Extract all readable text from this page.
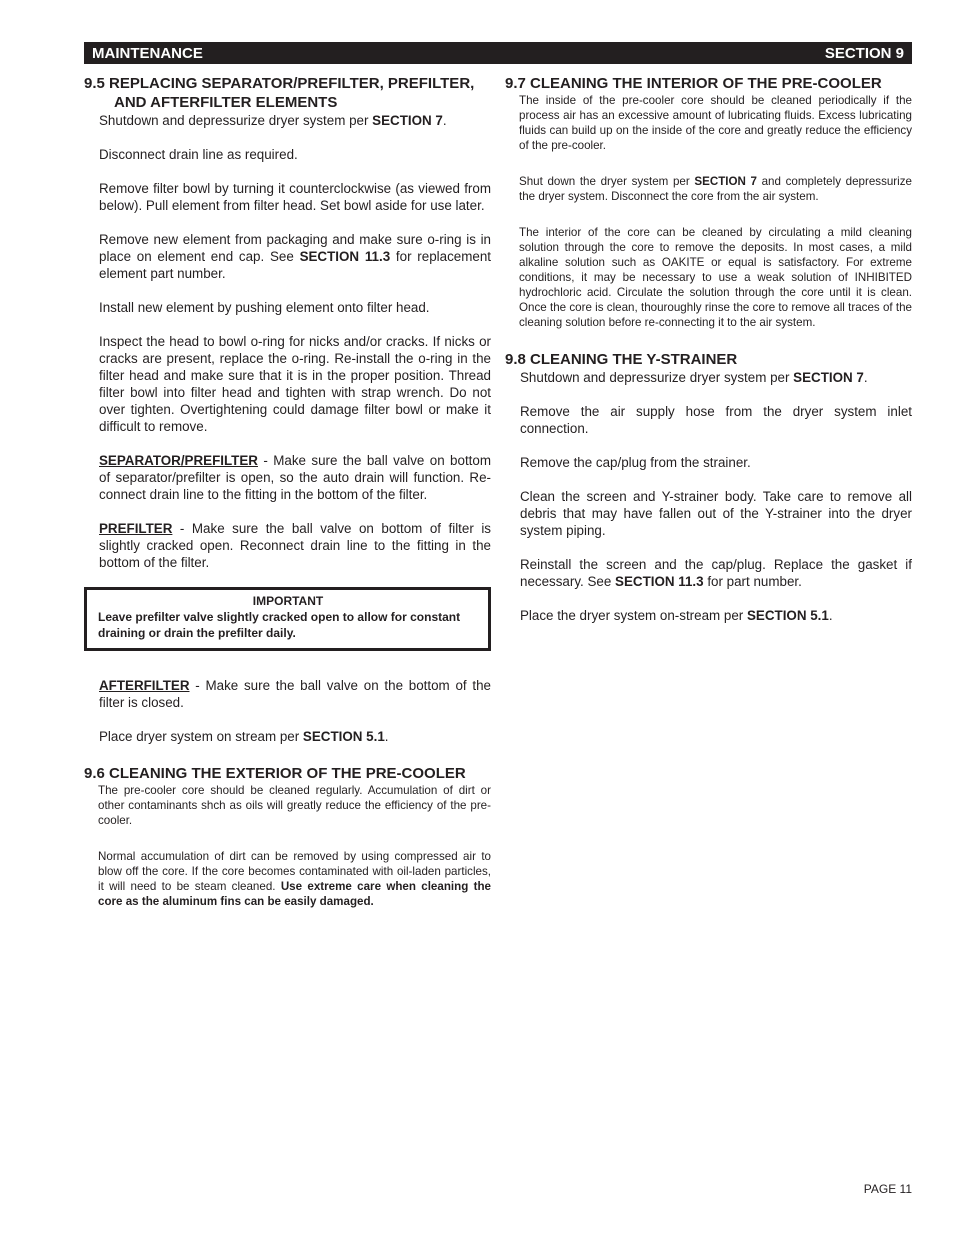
MAINTENANCE	SECTION 9

9.5 REPLACING SEPARATOR/PREFILTER, PREFILTER,
AND AFTERFILTER ELEMENTS

Shutdown and depressurize dryer system per SECTION 7.

Disconnect drain line as required.

Remove filter bowl by turning it counterclockwise (as viewed from below). Pull element from filter head. Set bowl aside for use later.

Remove new element from packaging and make sure o-ring is in place on element end cap. See SECTION 11.3 for replacement element part number.

Install new element by pushing element onto filter head.

Inspect the head to bowl o-ring for nicks and/or cracks. If nicks or cracks are present, replace the o-ring. Re-install the o-ring in the filter head and make sure that it is in the proper position. Thread filter bowl into filter head and tighten with strap wrench. Do not over tighten. Overtightening could damage filter bowl or make it difficult to remove.

SEPARATOR/PREFILTER - Make sure the ball valve on bottom of separator/prefilter is open, so the auto drain will function. Re-connect drain line to the fitting in the bottom of the filter.

PREFILTER - Make sure the ball valve on bottom of filter is slightly cracked open. Reconnect drain line to the fitting in the bottom of the filter.

IMPORTANT
Leave prefilter valve slightly cracked open to allow for constant draining or drain the prefilter daily.

AFTERFILTER - Make sure the ball valve on the bottom of the filter is closed.

Place dryer system on stream per SECTION 5.1.

9.6 CLEANING THE EXTERIOR OF THE PRE-COOLER

The pre-cooler core should be cleaned regularly. Accumulation of dirt or other contaminants shch as oils will greatly reduce the efficiency of the pre-cooler.

Normal accumulation of dirt can be removed by using compressed air to blow off the core. If the core becomes contaminated with oil-laden particles, it will need to be steam cleaned. Use extreme care when cleaning the core as the aluminum fins can be easily damaged.

9.7 CLEANING THE INTERIOR OF THE PRE-COOLER

The inside of the pre-cooler core should be cleaned periodically if the process air has an excessive amount of lubricating fluids. Excess lubricating fluids can build up on the inside of the core and greatly reduce the efficiency of the pre-cooler.

Shut down the dryer system per SECTION 7 and completely depressurize the dryer system. Disconnect the core from the air system.

The interior of the core can be cleaned by circulating a mild cleaning solution through the core to remove the deposits. In most cases, a mild alkaline solution such as OAKITE or equal is satisfactory. For extreme conditions, it may be necessary to use a weak solution of INHIBITED hydrochloric acid. Circulate the solution through the core until it is clean. Once the core is clean, thouroughly rinse the core to remove all traces of the cleaning solution before re-connecting it to the air system.

9.8 CLEANING THE Y-STRAINER

Shutdown and depressurize dryer system per SECTION 7.

Remove the air supply hose from the dryer system inlet connection.

Remove the cap/plug from the strainer.

Clean the screen and Y-strainer body. Take care to remove all debris that may have fallen out of the Y-strainer into the dryer system piping.

Reinstall the screen and the cap/plug. Replace the gasket if necessary. See SECTION 11.3 for part number.

Place the dryer system on-stream per SECTION 5.1.

PAGE 11
